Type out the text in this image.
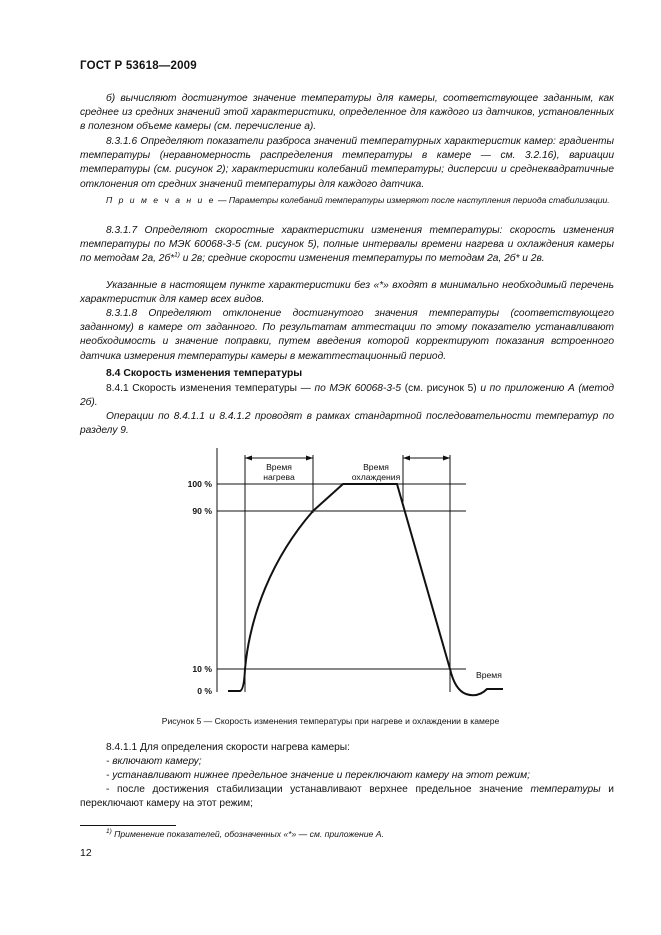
ГОСТ Р 53618—2009
б) вычисляют достигнутое значение температуры для камеры, соответствующее заданным, как среднее из средних значений этой характеристики, определенное для каждого из датчиков, установленных в полезном объеме камеры (см. перечисление а).
8.3.1.6 Определяют показатели разброса значений температурных характеристик камер: градиенты температуры (неравномерность распределения температуры в камере — см. 3.2.16), вариации температуры (см. рисунок 2); характеристики колебаний температуры; дисперсии и среднеквадратичные отклонения от средних значений температуры для каждого датчика.
П р и м е ч а н и е — Параметры колебаний температуры измеряют после наступления периода стабилизации.
8.3.1.7 Определяют скоростные характеристики изменения температуры: скорость изменения температуры по МЭК 60068-3-5 (см. рисунок 5), полные интервалы времени нагрева и охлаждения камеры по методам 2а, 2б*$^{1)}$ и 2в; средние скорости изменения температуры по методам 2а, 2б* и 2в.
Указанные в настоящем пункте характеристики без «*» входят в минимально необходимый перечень характеристик для камер всех видов.
8.3.1.8 Определяют отклонение достигнутого значения температуры (соответствующего заданному) в камере от заданного. По результатам аттестации по этому показателю устанавливают необходимость и значение поправки, путем введения которой корректируют показания встроенного датчика измерения температуры камеры в межаттестационный период.
8.4 Скорость изменения температуры
8.4.1 Скорость изменения температуры — по МЭК 60068-3-5 (см. рисунок 5) и по приложению А (метод 2б).
Операции по 8.4.1.1 и 8.4.1.2 проводят в рамках стандартной последовательности температур по разделу 9.
Время
нагрева
Время
охлаждения
100 %
90 %
10 %
0 %
Время
Рисунок 5 — Скорость изменения температуры при нагреве и охлаждении в камере
8.4.1.1 Для определения скорости нагрева камеры:
- включают камеру;
- устанавливают нижнее предельное значение и переключают камеру на этот режим;
- после достижения стабилизации устанавливают верхнее предельное значение температуры и переключают камеру на этот режим;
$^{1)}$ Применение показателей, обозначенных «*» — см. приложение А.
12
